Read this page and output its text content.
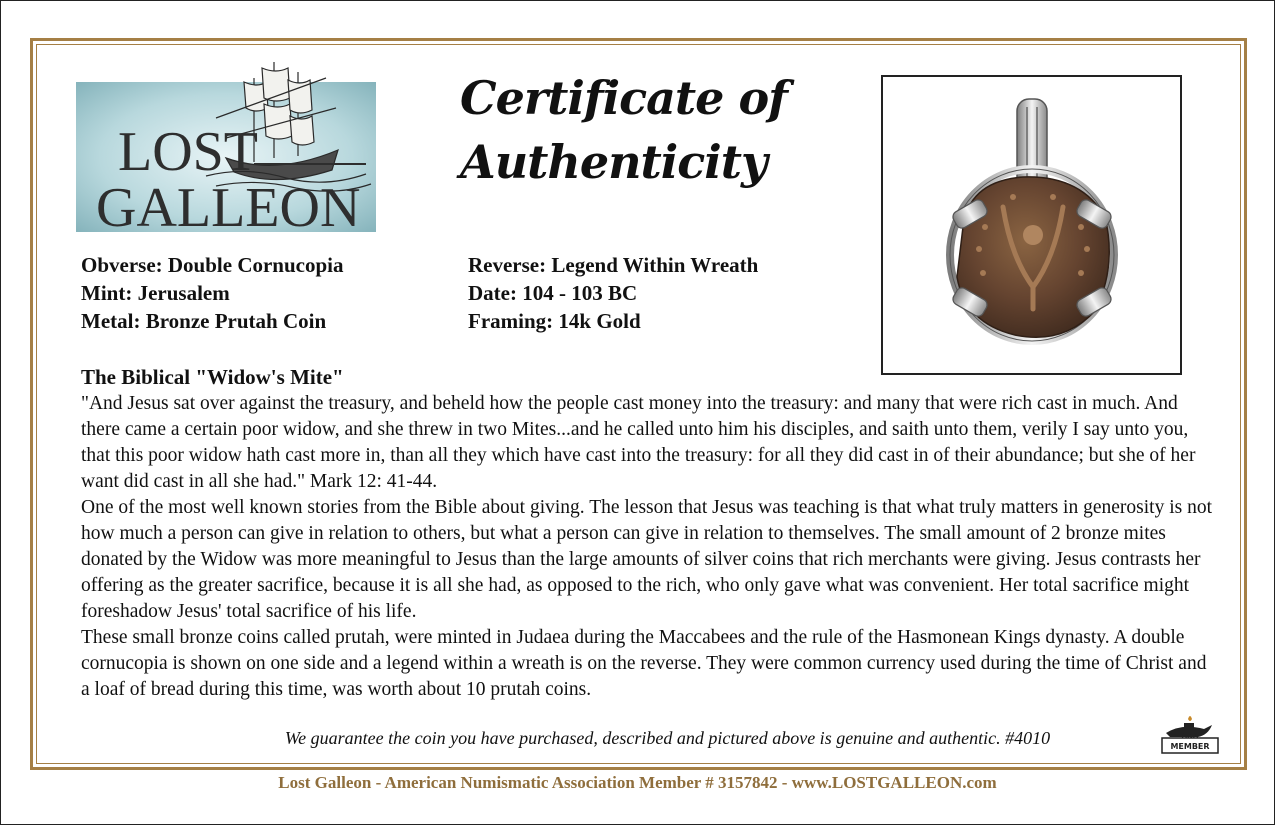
LOST
GALLEON
Certificate of
Authenticity
Obverse: Double Cornucopia
Mint: Jerusalem
Metal: Bronze Prutah Coin
Reverse: Legend Within Wreath
Date: 104 - 103 BC
Framing: 14k Gold
The Biblical "Widow's Mite"

"And Jesus sat over against the treasury, and beheld how the people cast money into the treasury: and many that were rich cast in much. And there came a certain poor widow, and she threw in two Mites...and he called unto him his disciples, and saith unto them, verily I say unto you, that this poor widow hath cast more in, than all they which have cast into the treasury: for all they did cast in of their abundance; but she of her want did cast in all she had." Mark 12: 41-44.

One of the most well known stories from the Bible about giving. The lesson that Jesus was teaching is that what truly matters in generosity is not how much a person can give in relation to others, but what a person can give in relation to themselves. The small amount of 2 bronze mites donated by the Widow was more meaningful to Jesus than the large amounts of silver coins that rich merchants were giving. Jesus contrasts her offering as the greater sacrifice, because it is all she had, as opposed to the rich, who only gave what was convenient. Her total sacrifice might foreshadow Jesus' total sacrifice of his life.

These small bronze coins called prutah, were minted in Judaea during the Maccabees and the rule of the Hasmonean Kings dynasty. A double cornucopia is shown on one side and a legend within a wreath is on the reverse. They were common currency used during the time of Christ and a loaf of bread during this time, was worth about 10 prutah coins.

We guarantee the coin you have purchased, described and pictured above is genuine and authentic. #4010	ANA
MEMBER
Lost Galleon - American Numismatic Association Member # 3157842 - www.LOSTGALLEON.com
